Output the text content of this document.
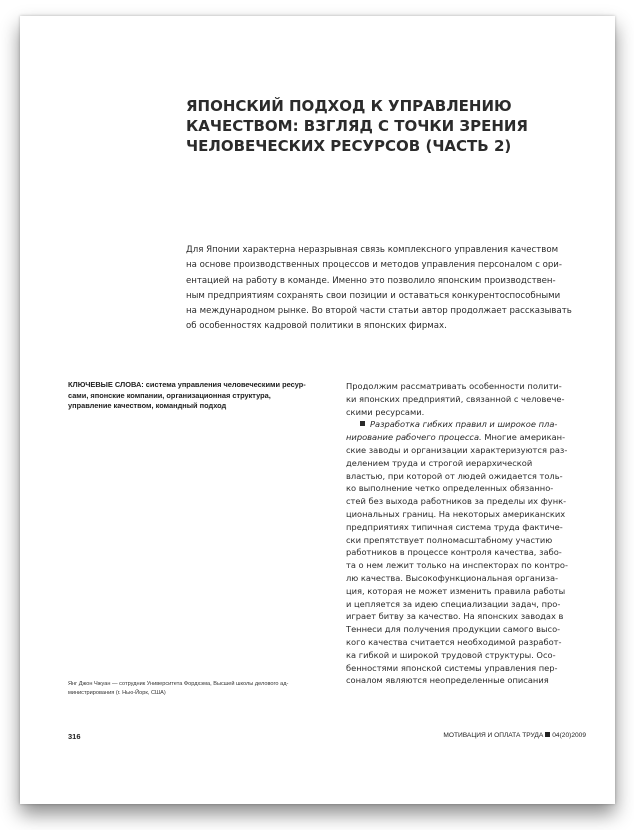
ЯПОНСКИЙ ПОДХОД К УПРАВЛЕНИЮ
КАЧЕСТВОМ: ВЗГЛЯД С ТОЧКИ ЗРЕНИЯ
ЧЕЛОВЕЧЕСКИХ РЕСУРСОВ (ЧАСТЬ 2)
Для Японии характерна неразрывная связь комплексного управления качеством
на основе производственных процессов и методов управления персоналом с ори-
ентацией на работу в команде. Именно это позволило японским производствен-
ным предприятиям сохранять свои позиции и оставаться конкурентоспособными
на международном рынке. Во второй части статьи автор продолжает рассказывать
об особенностях кадровой политики в японских фирмах.
КЛЮЧЕВЫЕ СЛОВА: система управления человеческими ресур-
сами, японские компании, организационная структура,
управление качеством, командный подход
Янг Джон Чжуан — сотрудник Университета Фордхэма, Высшей школы делового ад-
министрирования (г. Нью-Йорк, США)
Продолжим рассматривать особенности полити-
ки японских предприятий, связанной с человече-
скими ресурсами.
Разработка гибких правил и широкое пла-
нирование рабочего процесса. Многие американ-
ские заводы и организации характеризуются раз-
делением труда и строгой иерархической
властью, при которой от людей ожидается толь-
ко выполнение четко определенных обязанно-
стей без выхода работников за пределы их функ-
циональных границ. На некоторых американских
предприятиях типичная система труда фактиче-
ски препятствует полномасштабному участию
работников в процессе контроля качества, забо-
та о нем лежит только на инспекторах по контро-
лю качества. Высокофункциональная организа-
ция, которая не может изменить правила работы
и цепляется за идею специализации задач, про-
играет битву за качество. На японских заводах в
Теннеси для получения продукции самого высо-
кого качества считается необходимой разработ-
ка гибкой и широкой трудовой структуры. Осо-
бенностями японской системы управления пер-
соналом являются неопределенные описания
316	МОТИВАЦИЯ И ОПЛАТА ТРУДА 04(20)2009
